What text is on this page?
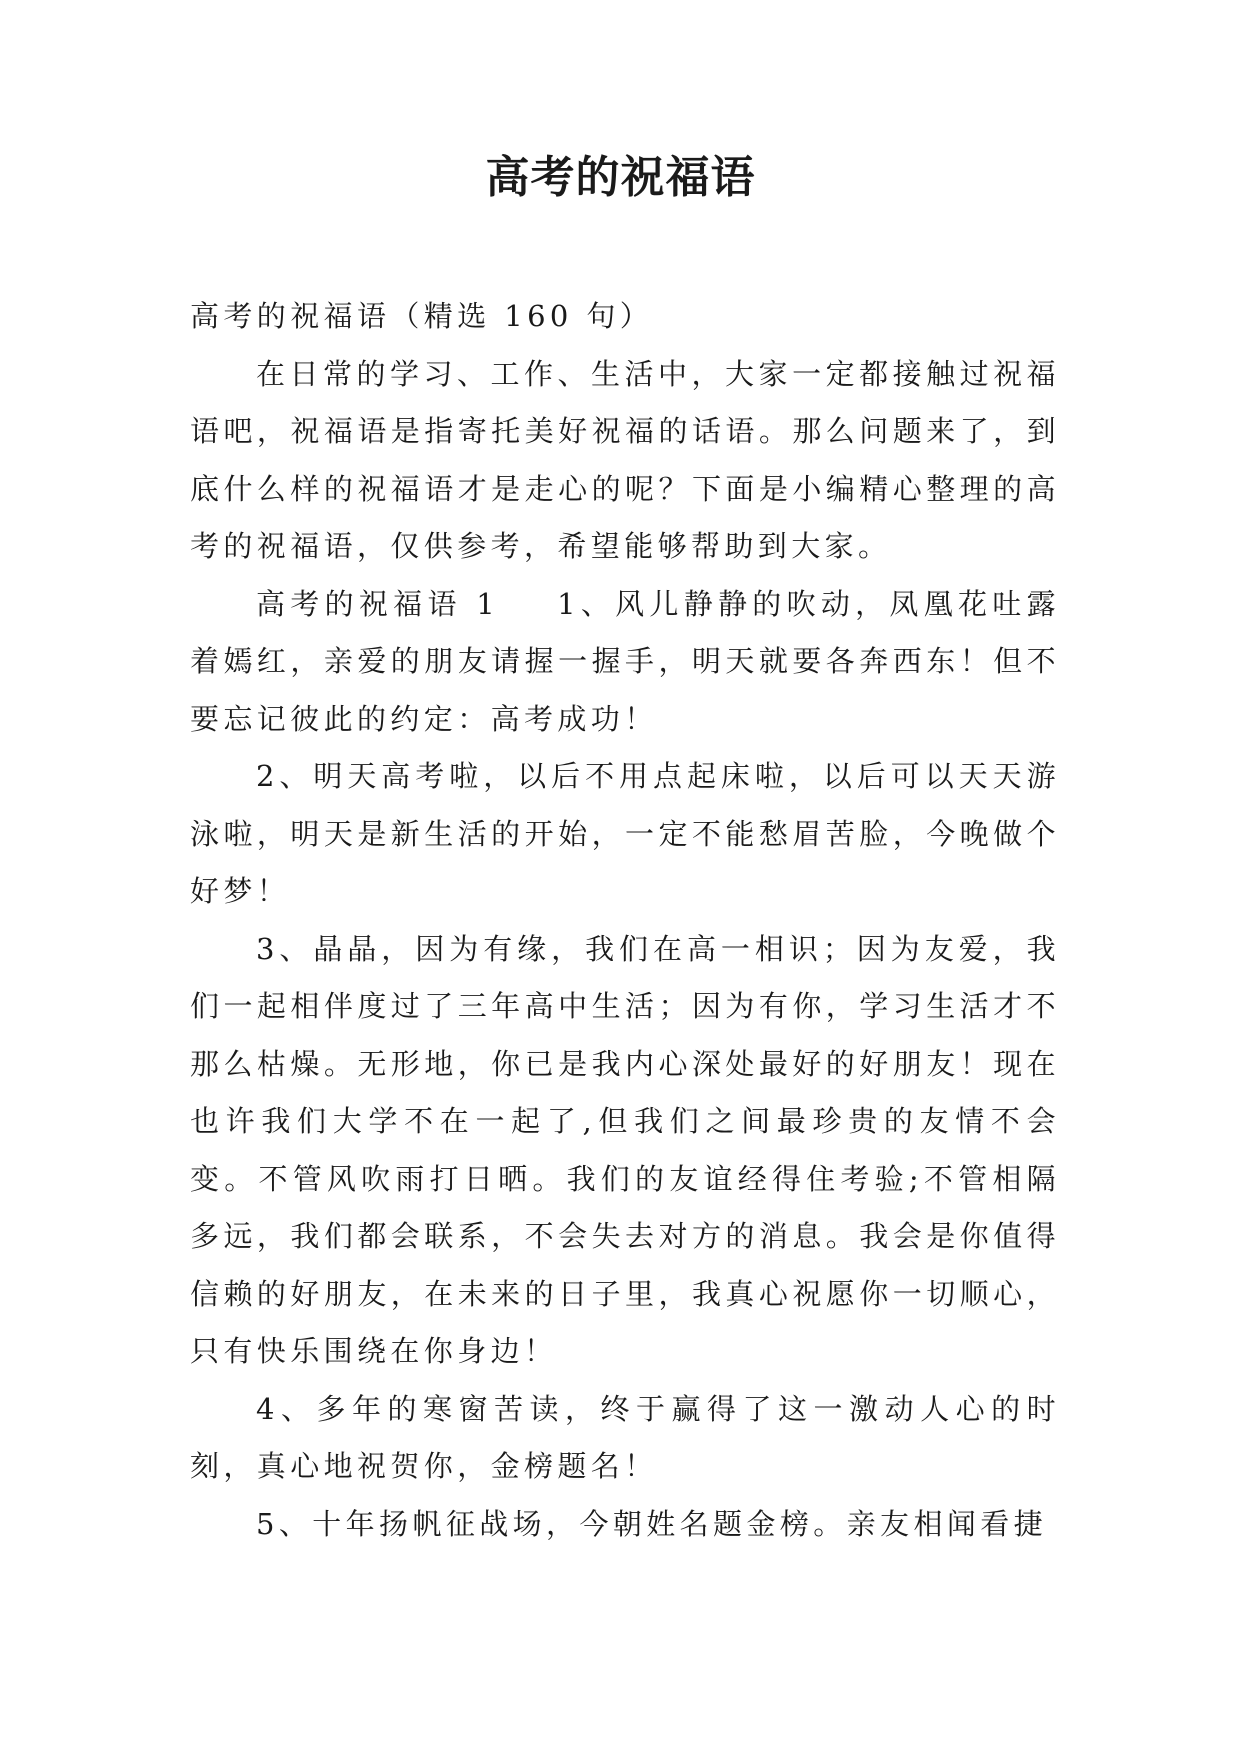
高考的祝福语

高考的祝福语（精选 160 句）

在日常的学习、工作、生活中，大家一定都接触过祝福语吧，祝福语是指寄托美好祝福的话语。那么问题来了，到底什么样的祝福语才是走心的呢？下面是小编精心整理的高考的祝福语，仅供参考，希望能够帮助到大家。

高考的祝福语 1 1、风儿静静的吹动，凤凰花吐露着嫣红，亲爱的朋友请握一握手，明天就要各奔西东！但不要忘记彼此的约定：高考成功！

2、明天高考啦，以后不用点起床啦，以后可以天天游泳啦，明天是新生活的开始，一定不能愁眉苦脸，今晚做个好梦！

3、晶晶，因为有缘，我们在高一相识；因为友爱，我们一起相伴度过了三年高中生活；因为有你，学习生活才不那么枯燥。无形地，你已是我内心深处最好的好朋友！现在也许我们大学不在一起了,但我们之间最珍贵的友情不会变。不管风吹雨打日晒。我们的友谊经得住考验;不管相隔多远，我们都会联系，不会失去对方的消息。我会是你值得信赖的好朋友，在未来的日子里，我真心祝愿你一切顺心，只有快乐围绕在你身边！

4、多年的寒窗苦读，终于赢得了这一激动人心的时刻，真心地祝贺你，金榜题名！

5、十年扬帆征战场，今朝姓名题金榜。亲友相闻看捷
